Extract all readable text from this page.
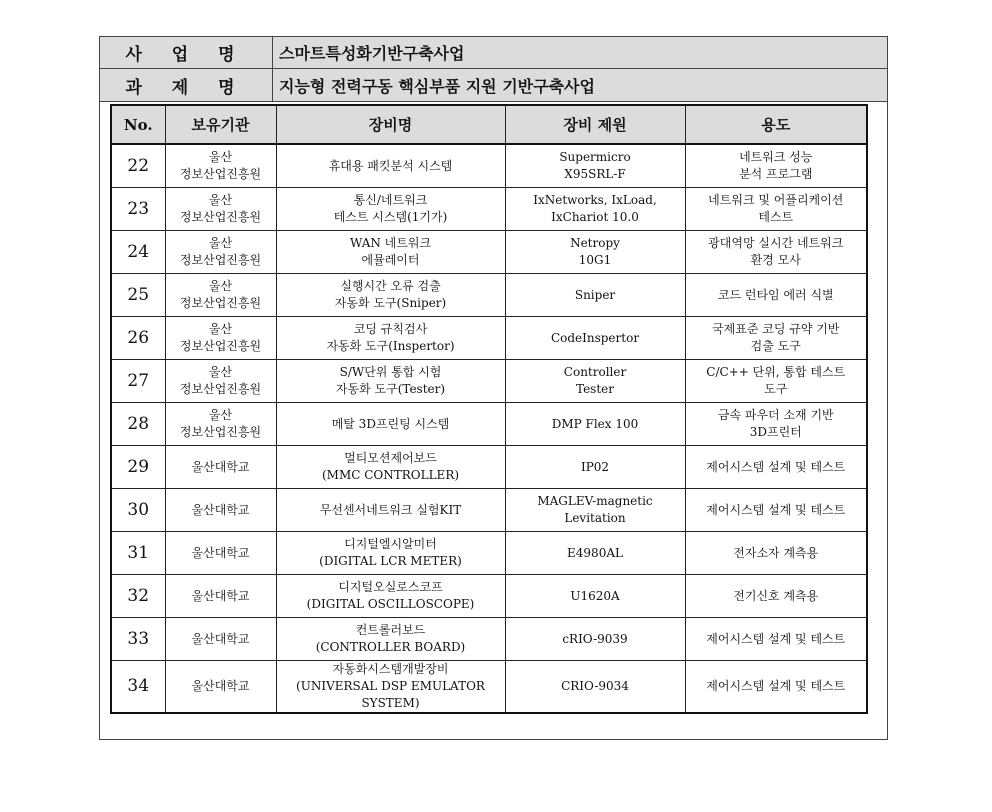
사 업 명	스마트특성화기반구축사업
과 제 명	지능형 전력구동 핵심부품 지원 기반구축사업
No.	보유기관	장비명	장비 제원	용도
22	울산
정보산업진흥원	휴대용 패킷분석 시스템	Supermicro
X95SRL-F	네트워크 성능
분석 프로그램

23	울산
정보산업진흥원	통신/네트워크
테스트 시스템(1기가)	IxNetworks, IxLoad,
IxChariot 10.0	네트워크 및 어플리케이션
테스트

24	울산
정보산업진흥원	WAN 네트워크
에뮬레이터	Netropy
10G1	광대역망 실시간 네트워크
환경 모사

25	울산
정보산업진흥원	실행시간 오류 검출
자동화 도구(Sniper)	Sniper	코드 런타임 에러 식별

26	울산
정보산업진흥원	코딩 규칙검사
자동화 도구(Inspertor)	CodeInspertor	국제표준 코딩 규약 기반
검출 도구

27	울산
정보산업진흥원	S/W단위 통합 시험
자동화 도구(Tester)	Controller
Tester	C/C++ 단위, 통합 테스트
도구

28	울산
정보산업진흥원	메탈 3D프린팅 시스템	DMP Flex 100	금속 파우더 소재 기반
3D프린터

29	울산대학교	멀티모션제어보드
(MMC CONTROLLER)	IP02	제어시스템 설계 및 테스트

30	울산대학교	무선센서네트워크 실험KIT	MAGLEV-magnetic
Levitation	제어시스템 설계 및 테스트

31	울산대학교	디지털엘시알미터
(DIGITAL LCR METER)	E4980AL	전자소자 계측용

32	울산대학교	디지털오실로스코프
(DIGITAL OSCILLOSCOPE)	U1620A	전기신호 계측용

33	울산대학교	컨트롤러보드
(CONTROLLER BOARD)	cRIO-9039	제어시스템 설계 및 테스트

34	울산대학교	자동화시스템개발장비
(UNIVERSAL DSP EMULATOR SYSTEM)	CRIO-9034	제어시스템 설계 및 테스트
